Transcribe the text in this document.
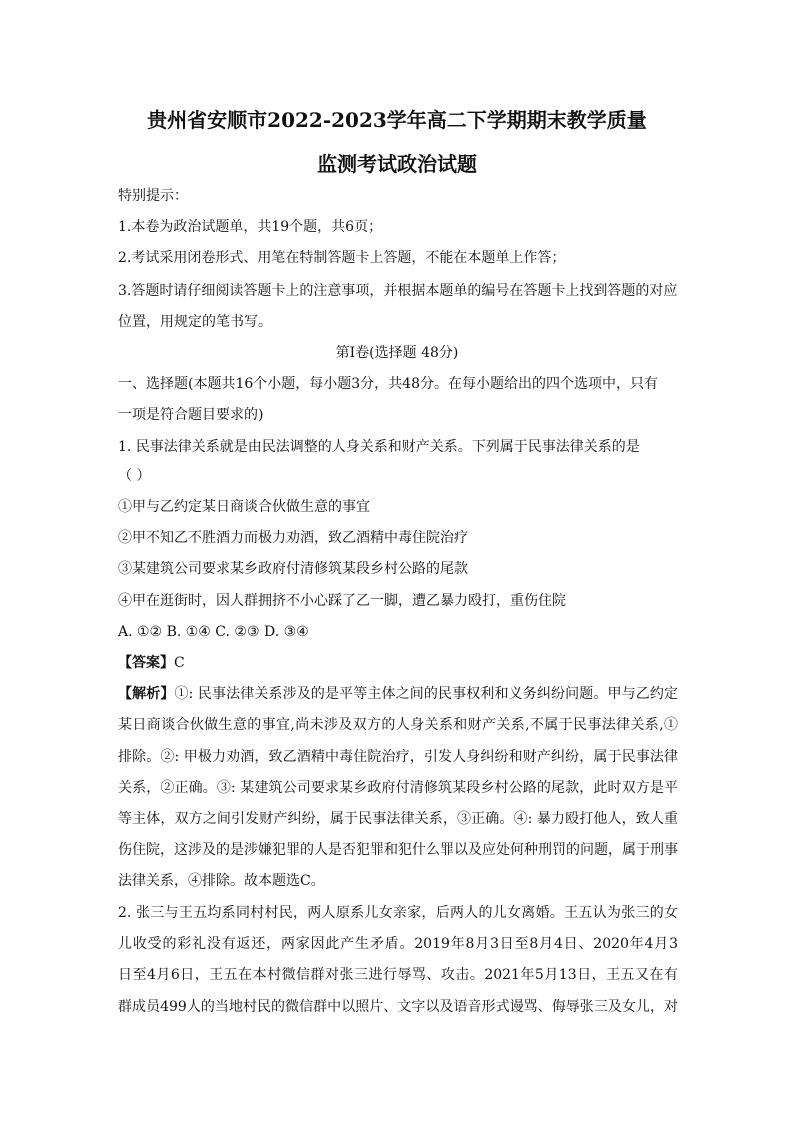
贵州省安顺市2022-2023学年高二下学期期末教学质量
监测考试政治试题
特别提示：
1.本卷为政治试题单，共19个题，共6页；
2.考试采用闭卷形式、用笔在特制答题卡上答题，不能在本题单上作答；
3.答题时请仔细阅读答题卡上的注意事项，并根据本题单的编号在答题卡上找到答题的对应
位置，用规定的笔书写。
第Ⅰ卷(选择题 48分)
一、选择题(本题共16个小题，每小题3分，共48分。在每小题给出的四个选项中，只有
一项是符合题目要求的)
1. 民事法律关系就是由民法调整的人身关系和财产关系。下列属于民事法律关系的是
（ ）
①甲与乙约定某日商谈合伙做生意的事宜
②甲不知乙不胜酒力而极力劝酒，致乙酒精中毒住院治疗
③某建筑公司要求某乡政府付清修筑某段乡村公路的尾款
④甲在逛街时，因人群拥挤不小心踩了乙一脚，遭乙暴力殴打，重伤住院
A. ①② B. ①④ C. ②③ D. ③④
【答案】C
【解析】①: 民事法律关系涉及的是平等主体之间的民事权利和义务纠纷问题。甲与乙约定
某日商谈合伙做生意的事宜,尚未涉及双方的人身关系和财产关系,不属于民事法律关系,①
排除。②: 甲极力劝酒，致乙酒精中毒住院治疗，引发人身纠纷和财产纠纷，属于民事法律
关系，②正确。③: 某建筑公司要求某乡政府付清修筑某段乡村公路的尾款，此时双方是平
等主体，双方之间引发财产纠纷，属于民事法律关系，③正确。④: 暴力殴打他人，致人重
伤住院，这涉及的是涉嫌犯罪的人是否犯罪和犯什么罪以及应处何种刑罚的问题，属于刑事
法律关系，④排除。故本题选C。
2. 张三与王五均系同村村民，两人原系儿女亲家，后两人的儿女离婚。王五认为张三的女
儿收受的彩礼没有返还，两家因此产生矛盾。2019年8月3日至8月4日、2020年4月3
日至4月6日，王五在本村微信群对张三进行辱骂、攻击。2021年5月13日，王五又在有
群成员499人的当地村民的微信群中以照片、文字以及语音形式谩骂、侮辱张三及女儿，对
